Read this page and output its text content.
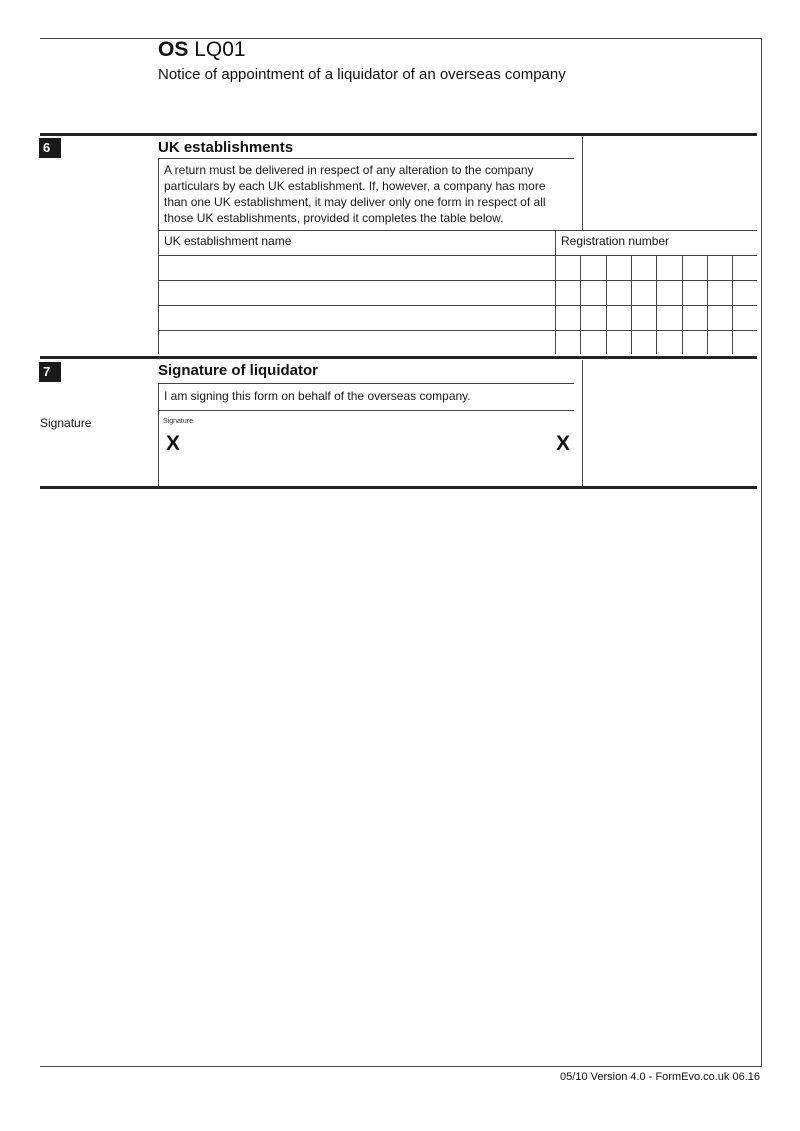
OS LQ01
Notice of appointment of a liquidator of an overseas company
6	UK establishments
A return must be delivered in respect of any alteration to the company particulars by each UK establishment. If, however, a company has more than one UK establishment, it may deliver only one form in respect of all those UK establishments, provided it completes the table below.
UK establishment name	Registration number
7	Signature of liquidator
I am signing this form on behalf of the overseas company.
Signature	Signature
X	X
05/10 Version 4.0 - FormEvo.co.uk 06.16
